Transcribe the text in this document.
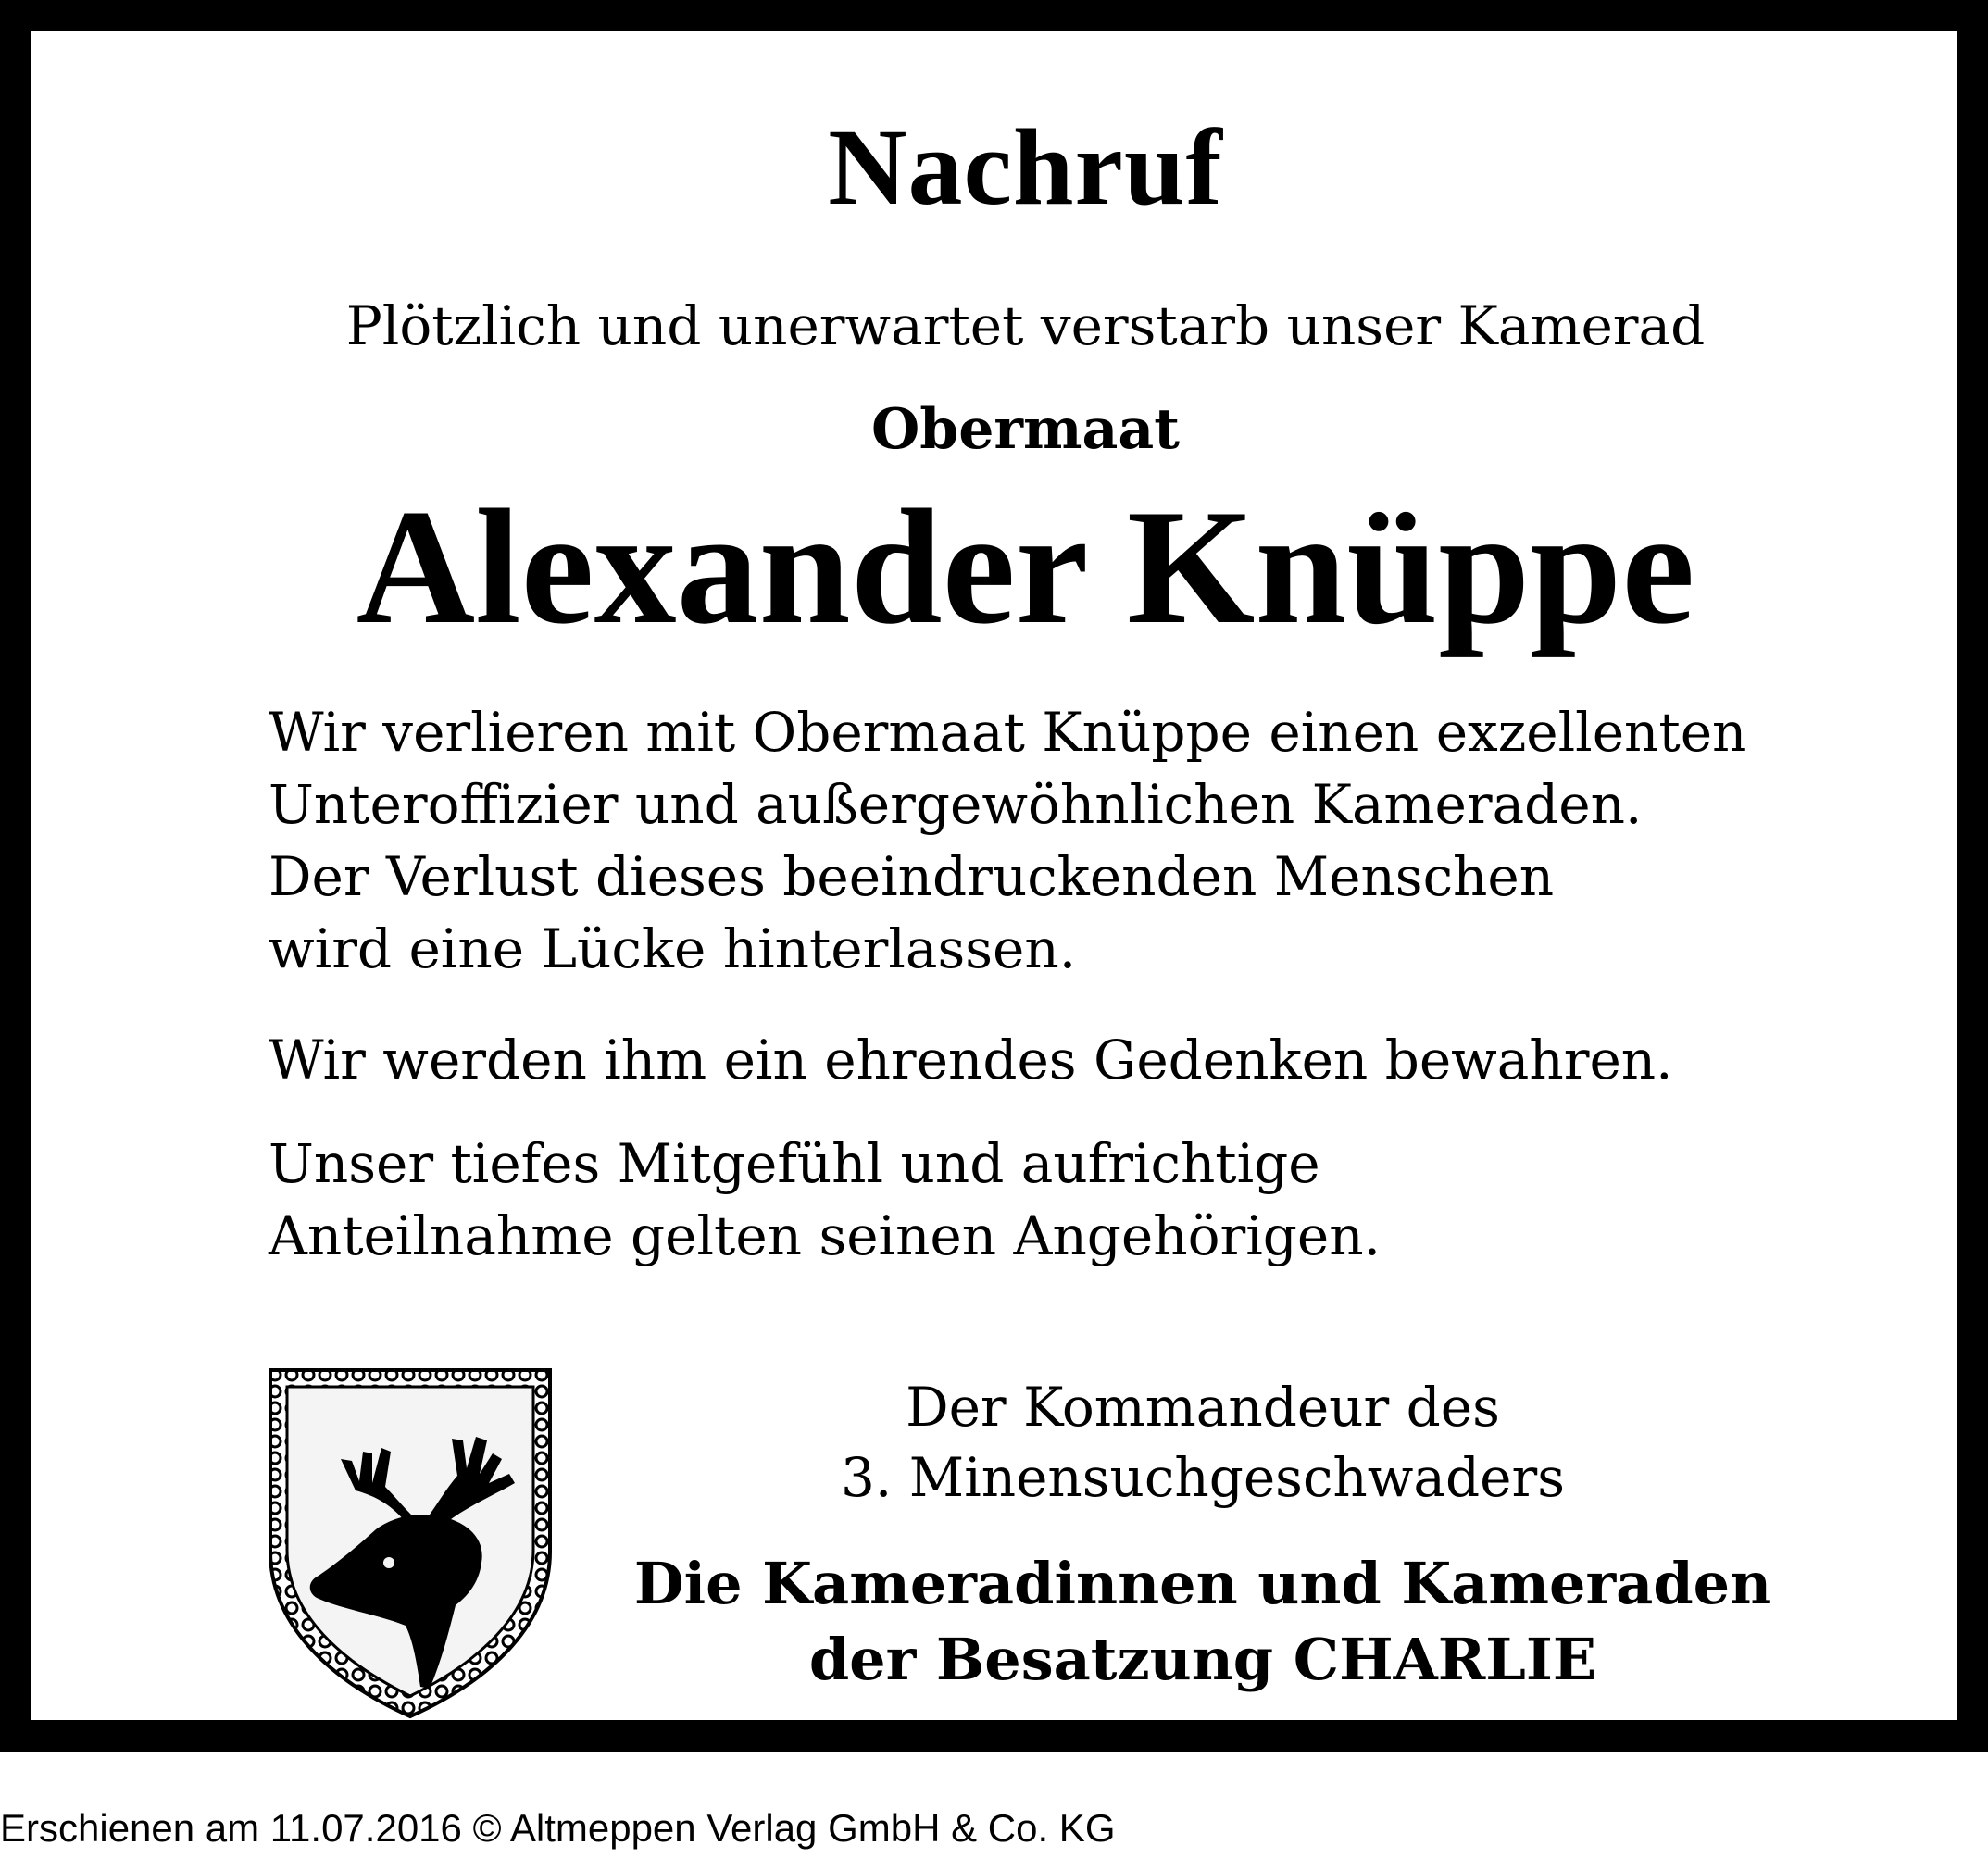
Nachruf
Plötzlich und unerwartet verstarb unser Kamerad
Obermaat
Alexander Knüppe
Wir verlieren mit Obermaat Knüppe einen exzellenten
Unteroffizier und außergewöhnlichen Kameraden.
Der Verlust dieses beeindruckenden Menschen
wird eine Lücke hinterlassen.
Wir werden ihm ein ehrendes Gedenken bewahren.
Unser tiefes Mitgefühl und aufrichtige
Anteilnahme gelten seinen Angehörigen.
Der Kommandeur des
3. Minensuchgeschwaders
Die Kameradinnen und Kameraden
der Besatzung CHARLIE
Erschienen am 11.07.2016 © Altmeppen Verlag GmbH & Co. KG
